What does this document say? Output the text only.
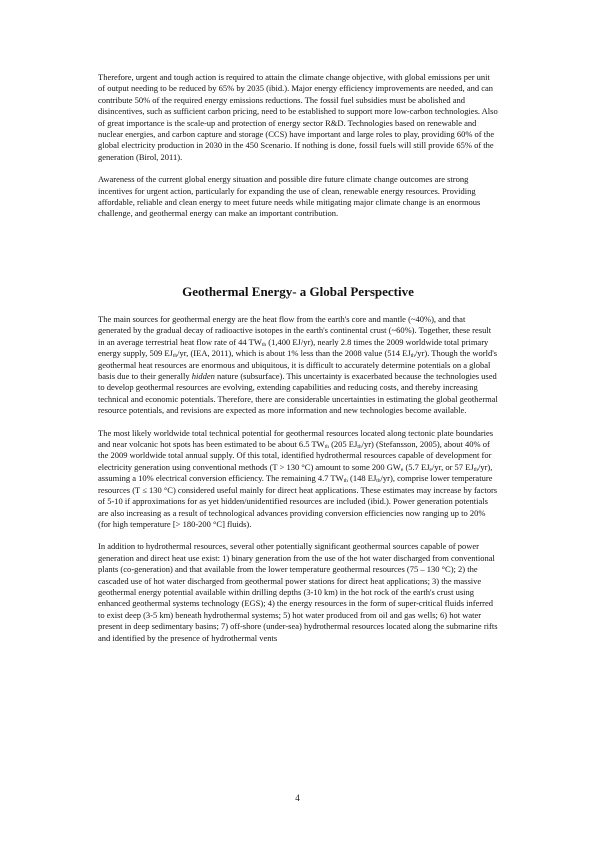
Therefore, urgent and tough action is required to attain the climate change objective, with global emissions per unit of output needing to be reduced by 65% by 2035 (ibid.). Major energy efficiency improvements are needed, and can contribute 50% of the required energy emissions reductions. The fossil fuel subsidies must be abolished and disincentives, such as sufficient carbon pricing, need to be established to support more low-carbon technologies. Also of great importance is the scale-up and protection of energy sector R&D. Technologies based on renewable and nuclear energies, and carbon capture and storage (CCS) have important and large roles to play, providing 60% of the global electricity production in 2030 in the 450 Scenario. If nothing is done, fossil fuels will still provide 65% of the generation (Birol, 2011).

Awareness of the current global energy situation and possible dire future climate change outcomes are strong incentives for urgent action, particularly for expanding the use of clean, renewable energy resources. Providing affordable, reliable and clean energy to meet future needs while mitigating major climate change is an enormous challenge, and geothermal energy can make an important contribution.

Geothermal Energy- a Global Perspective

The main sources for geothermal energy are the heat flow from the earth's core and mantle (~40%), and that generated by the gradual decay of radioactive isotopes in the earth's continental crust (~60%). Together, these result in an average terrestrial heat flow rate of 44 $TW_{th}$ (1,400 EJ/yr), nearly 2.8 times the 2009 worldwide total primary energy supply, 509 $EJ_{th}/yr$, (IEA, 2011), which is about 1% less than the 2008 value (514 $EJ_{th}/yr$). Though the world's geothermal heat resources are enormous and ubiquitous, it is difficult to accurately determine potentials on a global basis due to their generally hidden nature (subsurface). This uncertainty is exacerbated because the technologies used to develop geothermal resources are evolving, extending capabilities and reducing costs, and thereby increasing technical and economic potentials. Therefore, there are considerable uncertainties in estimating the global geothermal resource potentials, and revisions are expected as more information and new technologies become available.

The most likely worldwide total technical potential for geothermal resources located along tectonic plate boundaries and near volcanic hot spots has been estimated to be about 6.5 $TW_{th}$ (205 $EJ_{th}/yr$) (Stefansson, 2005), about 40% of the 2009 worldwide total annual supply. Of this total, identified hydrothermal resources capable of development for electricity generation using conventional methods (T > 130 °C) amount to some 200 $GW_e$ (5.7 $EJ_e/yr$, or 57 $EJ_{th}/yr$), assuming a 10% electrical conversion efficiency. The remaining 4.7 $TW_{th}$ (148 $EJ_{th}/yr$), comprise lower temperature resources (T ≤ 130 °C) considered useful mainly for direct heat applications. These estimates may increase by factors of 5-10 if approximations for as yet hidden/unidentified resources are included (ibid.). Power generation potentials are also increasing as a result of technological advances providing conversion efficiencies now ranging up to 20% (for high temperature [> 180-200 °C] fluids).

In addition to hydrothermal resources, several other potentially significant geothermal sources capable of power generation and direct heat use exist: 1) binary generation from the use of the hot water discharged from conventional plants (co-generation) and that available from the lower temperature geothermal resources (75 – 130 °C); 2) the cascaded use of hot water discharged from geothermal power stations for direct heat applications; 3) the massive geothermal energy potential available within drilling depths (3-10 km) in the hot rock of the earth's crust using enhanced geothermal systems technology (EGS); 4) the energy resources in the form of super-critical fluids inferred to exist deep (3-5 km) beneath hydrothermal systems; 5) hot water produced from oil and gas wells; 6) hot water present in deep sedimentary basins; 7) off-shore (under-sea) hydrothermal resources located along the submarine rifts and identified by the presence of hydrothermal vents

4
